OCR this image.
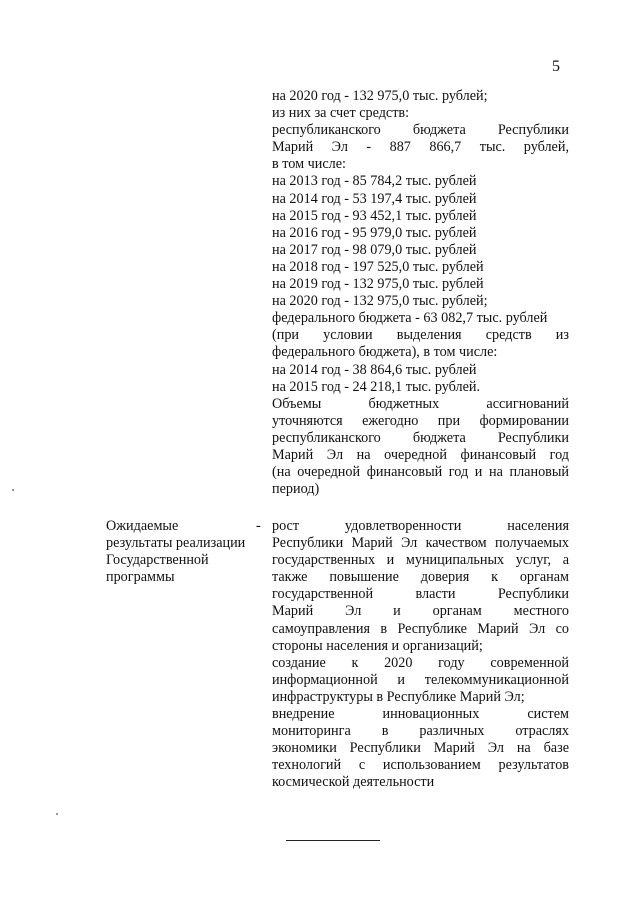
5
на 2020 год - 132 975,0 тыс. рублей;
из них за счет средств:
республиканского бюджета Республики
Марий Эл - 887 866,7 тыс. рублей,
в том числе:
на 2013 год - 85 784,2 тыс. рублей
на 2014 год - 53 197,4 тыс. рублей
на 2015 год - 93 452,1 тыс. рублей
на 2016 год - 95 979,0 тыс. рублей
на 2017 год - 98 079,0 тыс. рублей
на 2018 год - 197 525,0 тыс. рублей
на 2019 год - 132 975,0 тыс. рублей
на 2020 год - 132 975,0 тыс. рублей;
федерального бюджета - 63 082,7 тыс. рублей
(при условии выделения средств из
федерального бюджета), в том числе:
на 2014 год - 38 864,6 тыс. рублей
на 2015 год - 24 218,1 тыс. рублей.
Объемы бюджетных ассигнований
уточняются ежегодно при формировании
республиканского бюджета Республики
Марий Эл на очередной финансовый год
(на очередной финансовый год и на плановый
период)
Ожидаемые
результаты реализации
Государственной
программы
- рост удовлетворенности населения
Республики Марий Эл качеством получаемых
государственных и муниципальных услуг, а
также повышение доверия к органам
государственной власти Республики
Марий Эл и органам местного
самоуправления в Республике Марий Эл со
стороны населения и организаций;
создание к 2020 году современной
информационной и телекоммуникационной
инфраструктуры в Республике Марий Эл;
внедрение инновационных систем
мониторинга в различных отраслях
экономики Республики Марий Эл на базе
технологий с использованием результатов
космической деятельности
